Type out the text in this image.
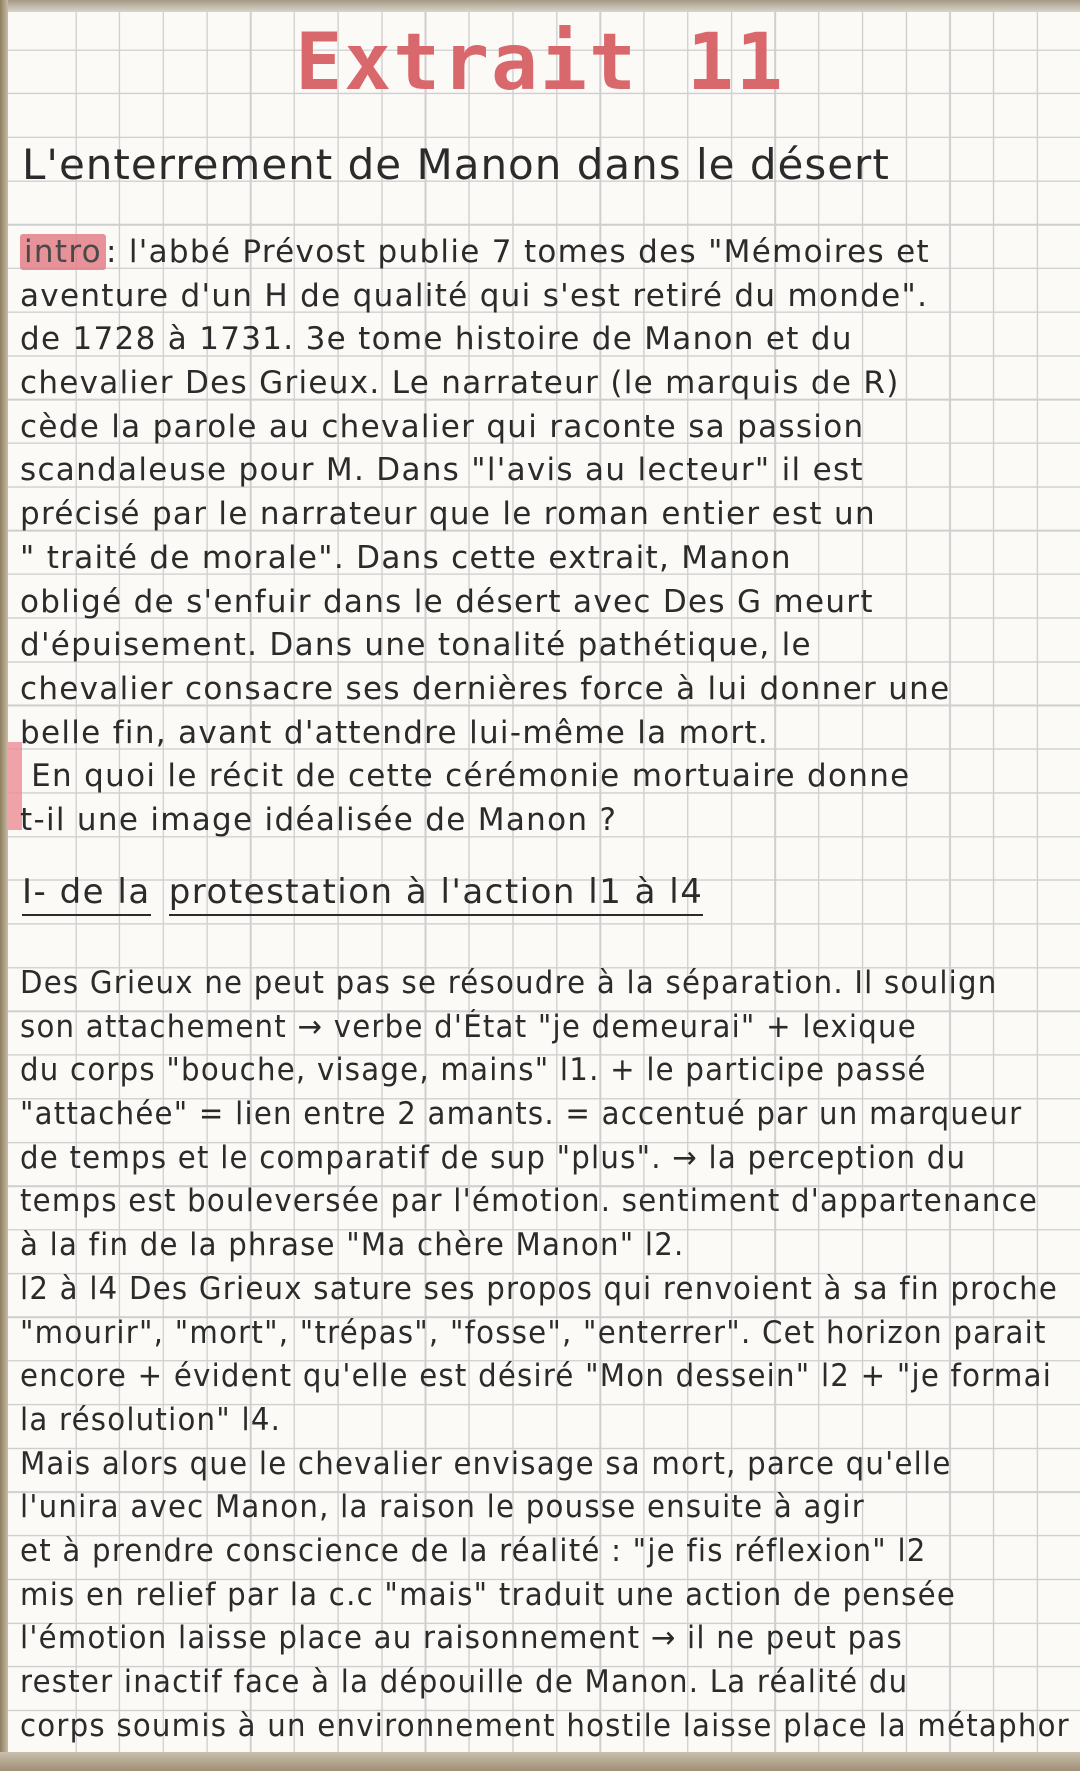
Extrait 11
L'enterrement de Manon dans le désert
intro : l'abbé Prévost publie 7 tomes des "Mémoires et
aventure d'un H de qualité qui s'est retiré du monde".
de 1728 à 1731. 3e tome histoire de Manon et du
chevalier Des Grieux. Le narrateur (le marquis de R)
cède la parole au chevalier qui raconte sa passion
scandaleuse pour M. Dans "l'avis au lecteur" il est
précisé par le narrateur que le roman entier est un
" traité de morale". Dans cette extrait, Manon
obligé de s'enfuir dans le désert avec Des G meurt
d'épuisement. Dans une tonalité pathétique, le
chevalier consacre ses dernières force à lui donner une
belle fin, avant d'attendre lui-même la mort.
En quoi le récit de cette cérémonie mortuaire donne
t-il une image idéalisée de Manon ?
I- de la protestation à l'action l1 à l4
Des Grieux ne peut pas se résoudre à la séparation. Il soulign
son attachement → verbe d'État "je demeurai" + lexique
du corps "bouche, visage, mains" l1. + le participe passé
"attachée" = lien entre 2 amants. = accentué par un marqueur
de temps et le comparatif de sup "plus". → la perception du
temps est bouleversée par l'émotion. sentiment d'appartenance
à la fin de la phrase "Ma chère Manon" l2.
l2 à l4 Des Grieux sature ses propos qui renvoient à sa fin proche
"mourir", "mort", "trépas", "fosse", "enterrer". Cet horizon parait
encore + évident qu'elle est désiré "Mon dessein" l2 + "je formai
la résolution" l4.
Mais alors que le chevalier envisage sa mort, parce qu'elle
l'unira avec Manon, la raison le pousse ensuite à agir
et à prendre conscience de la réalité : "je fis réflexion" l2
mis en relief par la c.c "mais" traduit une action de pensée
l'émotion laisse place au raisonnement → il ne peut pas
rester inactif face à la dépouille de Manon. La réalité du
corps soumis à un environnement hostile laisse place la métaphor
